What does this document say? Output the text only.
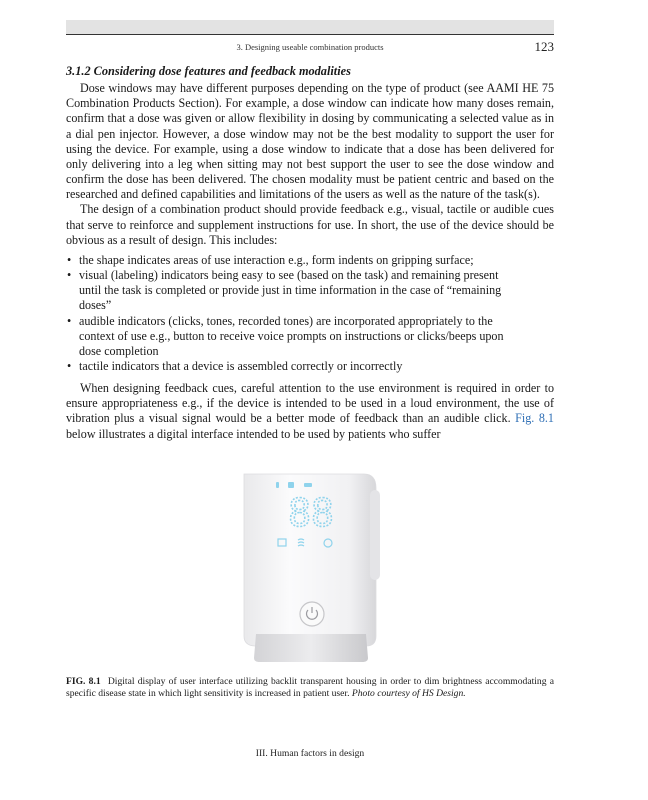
3. Designing useable combination products	123

3.1.2 Considering dose features and feedback modalities

Dose windows may have different purposes depending on the type of product (see AAMI HE 75 Combination Products Section). For example, a dose window can indicate how many doses remain, confirm that a dose was given or allow flexibility in dosing by communicating a selected value as in a dial pen injector. However, a dose window may not be the best modality to support the user for using the device. For example, using a dose window to indicate that a dose has been delivered for only delivering into a leg when sitting may not best support the user to see the dose window and confirm the dose has been delivered. The chosen modality must be patient centric and based on the researched and defined capabilities and limitations of the users as well as the nature of the task(s).

The design of a combination product should provide feedback e.g., visual, tactile or audible cues that serve to reinforce and supplement instructions for use. In short, the use of the device should be obvious as a result of design. This includes:

• the shape indicates areas of use interaction e.g., form indents on gripping surface;
• visual (labeling) indicators being easy to see (based on the task) and remaining present until the task is completed or provide just in time information in the case of “remaining doses”
• audible indicators (clicks, tones, recorded tones) are incorporated appropriately to the context of use e.g., button to receive voice prompts on instructions or clicks/beeps upon dose completion
• tactile indicators that a device is assembled correctly or incorrectly

When designing feedback cues, careful attention to the use environment is required in order to ensure appropriateness e.g., if the device is intended to be used in a loud environment, the use of vibration plus a visual signal would be a better mode of feedback than an audible click. Fig. 8.1 below illustrates a digital interface intended to be used by patients who suffer

88
FIG. 8.1 Digital display of user interface utilizing backlit transparent housing in order to dim brightness accommodating a specific disease state in which light sensitivity is increased in patient user. Photo courtesy of HS Design.
III. Human factors in design
